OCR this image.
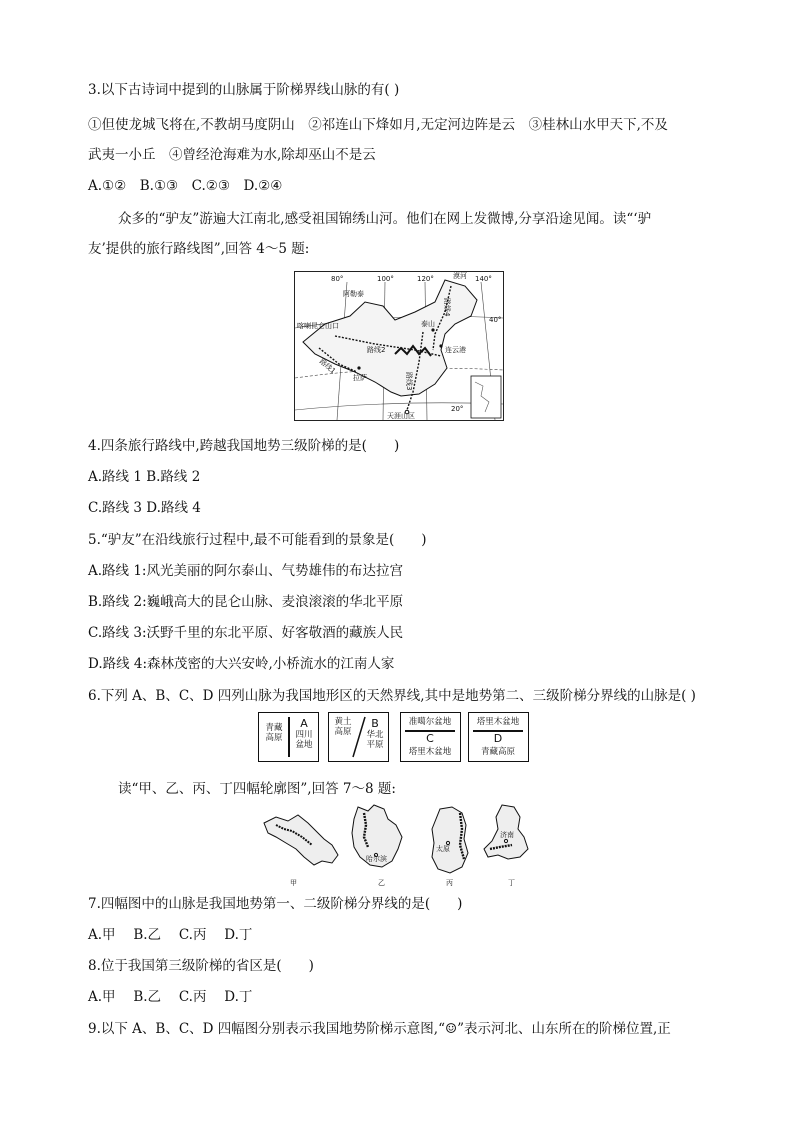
3.以下古诗词中提到的山脉属于阶梯界线山脉的有( )
①但使龙城飞将在,不教胡马度阴山　②祁连山下烽如月,无定河边阵是云　③桂林山水甲天下,不及
武夷一小丘　④曾经沧海难为水,除却巫山不是云
A.①②　B.①③　C.②③　D.②④
众多的“驴友”游遍大江南北,感受祖国锦绣山河。他们在网上发微博,分享沿途见闻。读“‘驴
友’提供的旅行路线图”,回答 4～5 题:
80°	100°	120°	140°
40°
20°
阿勒泰
喀喇昆仑山口
拉萨
路线1
路线2
路线3
路线4
漠河
泰山
连云港
天涯山区
4.四条旅行路线中,跨越我国地势三级阶梯的是(　　)
A.路线 1 B.路线 2
C.路线 3 D.路线 4
5.“驴友”在沿线旅行过程中,最不可能看到的景象是(　　)
A.路线 1:风光美丽的阿尔泰山、气势雄伟的布达拉宫
B.路线 2:巍峨高大的昆仑山脉、麦浪滚滚的华北平原
C.路线 3:沃野千里的东北平原、好客敬酒的藏族人民
D.路线 4:森林茂密的大兴安岭,小桥流水的江南人家
6.下列 A、B、C、D 四列山脉为我国地形区的天然界线,其中是地势第二、三级阶梯分界线的山脉是( )
青藏
高原
A
四川
盆地
黄土
高原
B
华北
平原
准噶尔盆地
C
塔里木盆地
塔里木盆地
D
青藏高原
读“甲、乙、丙、丁四幅轮廓图”,回答 7～8 题:
哈尔滨
太原
济南
甲	乙	丙	丁
7.四幅图中的山脉是我国地势第一、二级阶梯分界线的是(　　)
A.甲　 B.乙　 C.丙　 D.丁
8.位于我国第三级阶梯的省区是(　　)
A.甲　 B.乙　 C.丙　 D.丁
9.以下 A、B、C、D 四幅图分别表示我国地势阶梯示意图,“☺”表示河北、山东所在的阶梯位置,正
